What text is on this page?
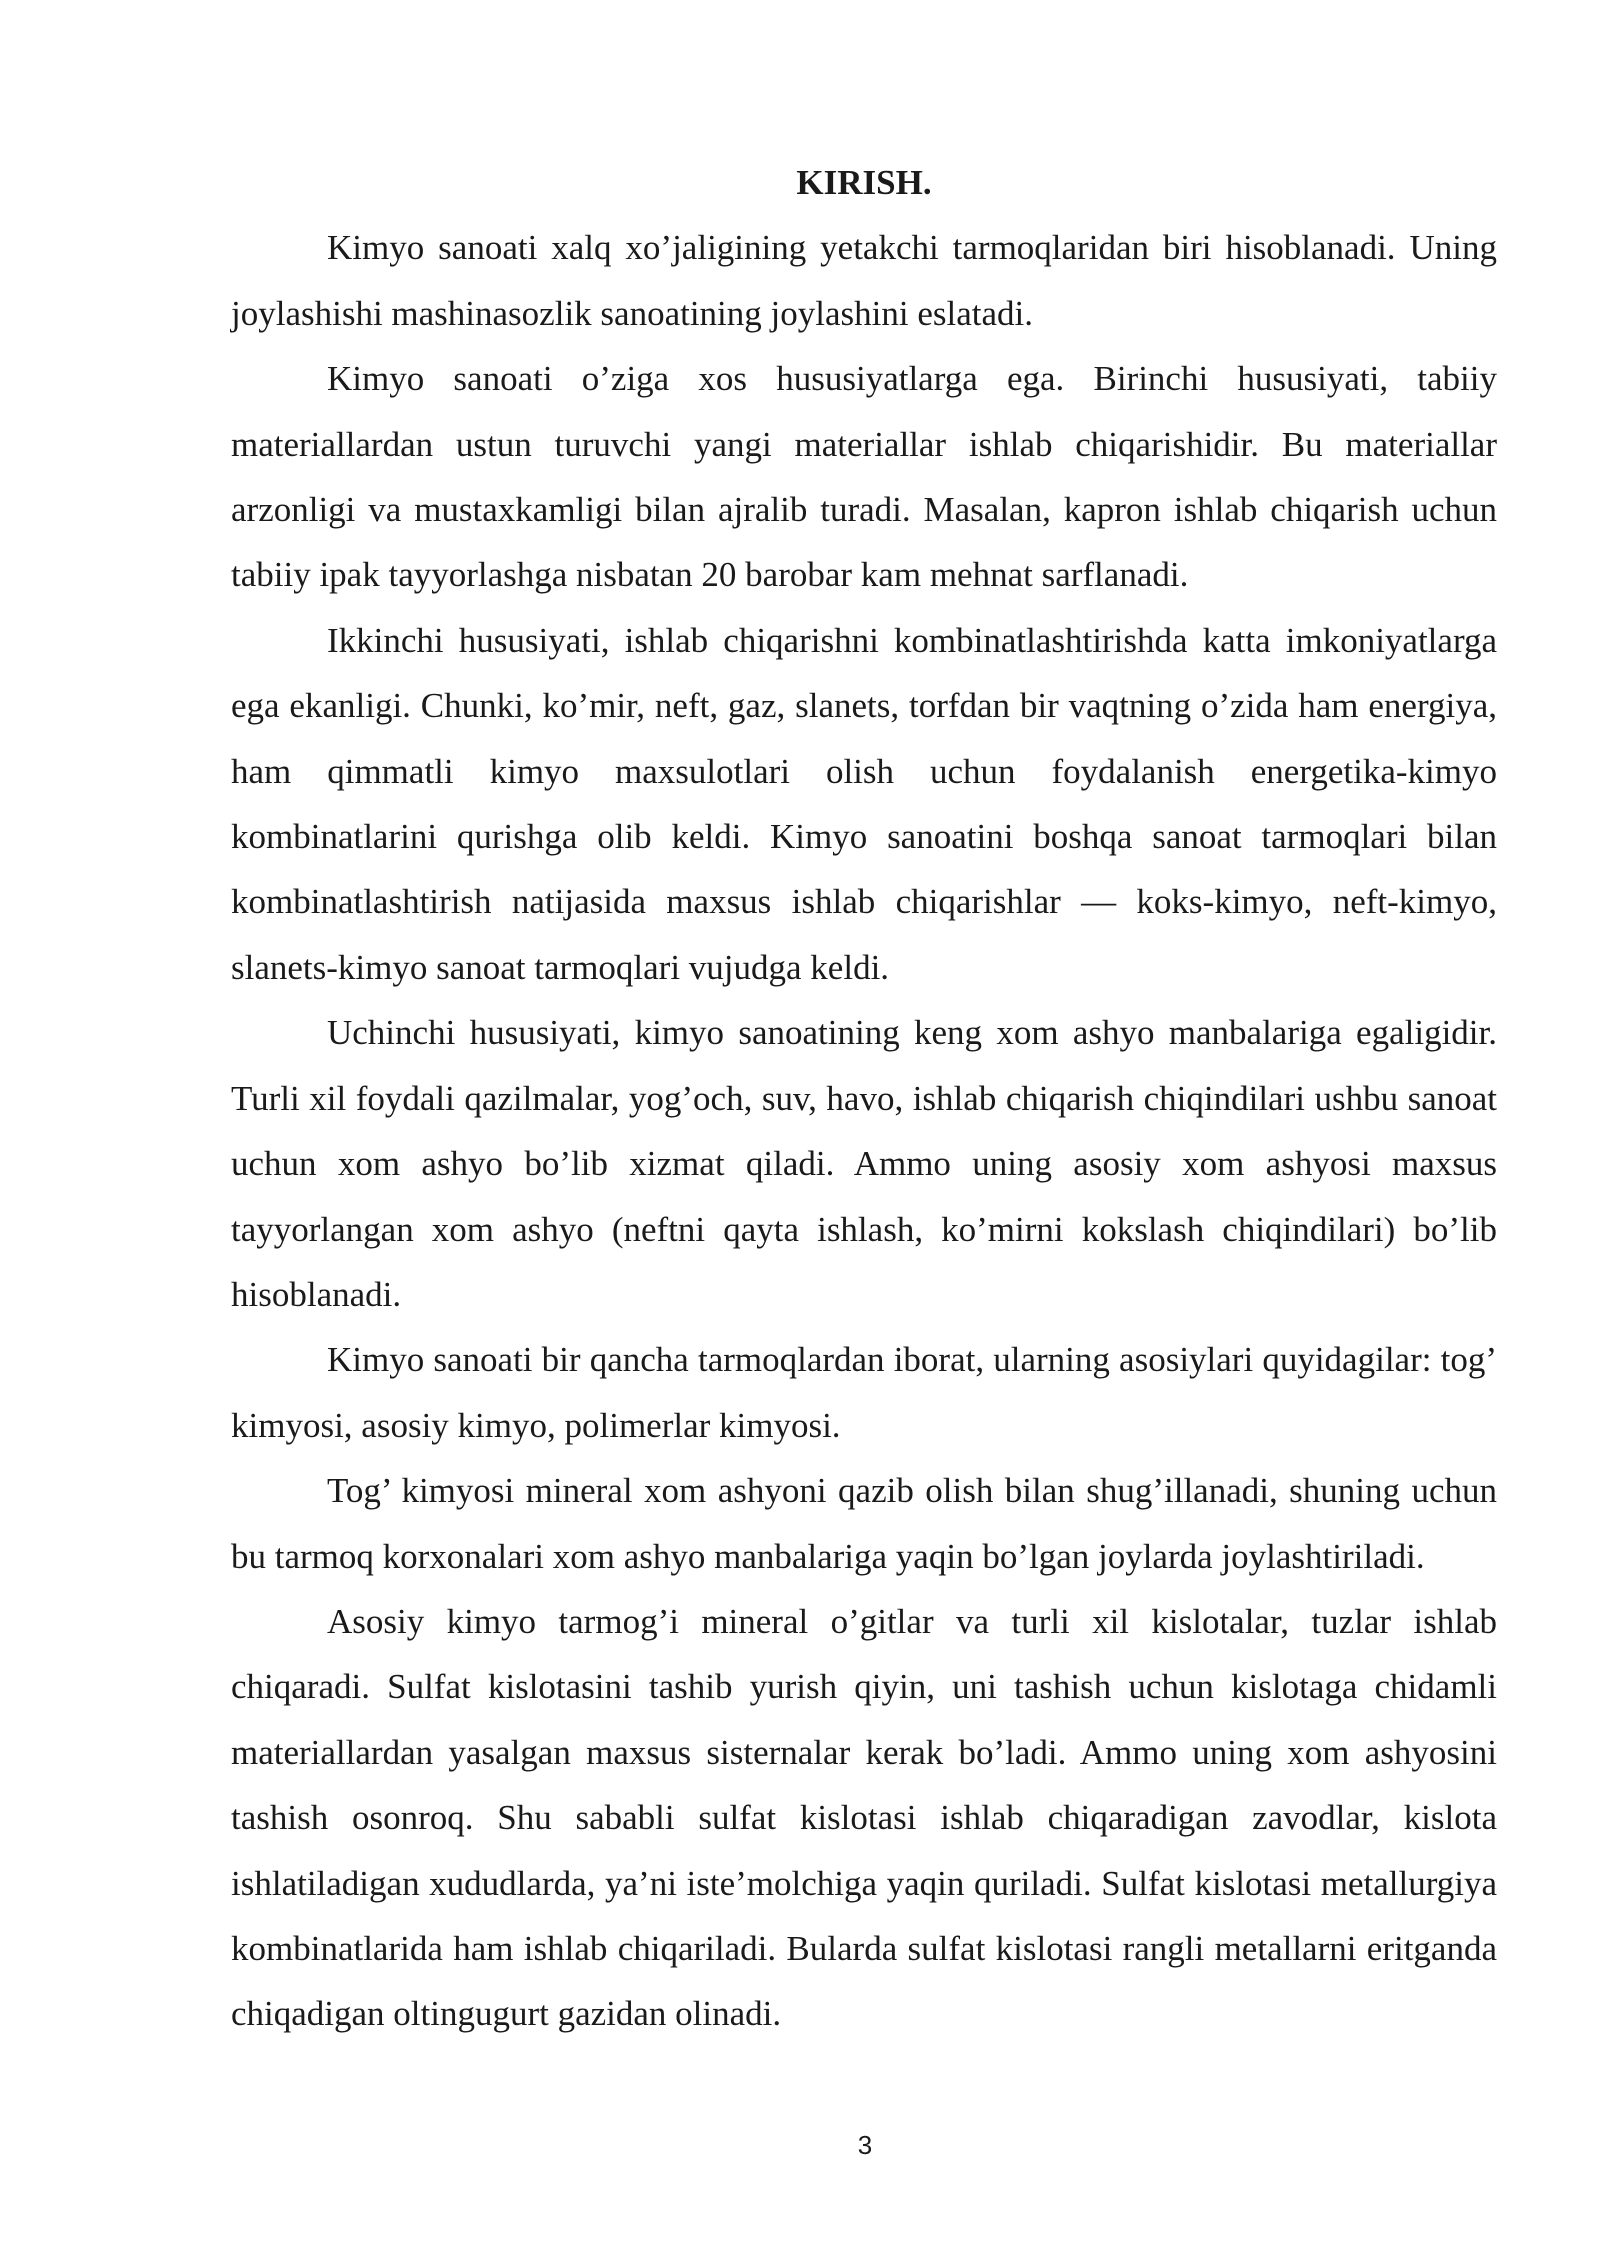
KIRISH.

Kimyo sanoati xalq xo’jaligining yetakchi tarmoqlaridan biri hisoblanadi. Uning joylashishi mashinasozlik sanoatining joylashini eslatadi.

Kimyo sanoati o’ziga xos hususiyatlarga ega. Birinchi hususiyati, tabiiy materiallardan ustun turuvchi yangi materiallar ishlab chiqarishidir. Bu materiallar arzonligi va mustaxkamligi bilan ajralib turadi. Masalan, kapron ishlab chiqarish uchun tabiiy ipak tayyorlashga nisbatan 20 barobar kam mehnat sarflanadi.

Ikkinchi hususiyati, ishlab chiqarishni kombinatlashtirishda katta imkoniyatlarga ega ekanligi. Chunki, ko’mir, neft, gaz, slanets, torfdan bir vaqtning o’zida ham energiya, ham qimmatli kimyo maxsulotlari olish uchun foydalanish energetika-kimyo kombinatlarini qurishga olib keldi. Kimyo sanoatini boshqa sanoat tarmoqlari bilan kombinatlashtirish natijasida maxsus ishlab chiqarishlar — koks-kimyo, neft-kimyo, slanets-kimyo sanoat tarmoqlari vujudga keldi.

Uchinchi hususiyati, kimyo sanoatining keng xom ashyo manbalariga egaligidir. Turli xil foydali qazilmalar, yog’och, suv, havo, ishlab chiqarish chiqindilari ushbu sanoat uchun xom ashyo bo’lib xizmat qiladi. Ammo uning asosiy xom ashyosi maxsus tayyorlangan xom ashyo (neftni qayta ishlash, ko’mirni kokslash chiqindilari) bo’lib hisoblanadi.

Kimyo sanoati bir qancha tarmoqlardan iborat, ularning asosiylari quyidagilar: tog’ kimyosi, asosiy kimyo, polimerlar kimyosi.

Tog’ kimyosi mineral xom ashyoni qazib olish bilan shug’illanadi, shuning uchun bu tarmoq korxonalari xom ashyo manbalariga yaqin bo’lgan joylarda joylashtiriladi.

Asosiy kimyo tarmog’i mineral o’gitlar va turli xil kislotalar, tuzlar ishlab chiqaradi. Sulfat kislotasini tashib yurish qiyin, uni tashish uchun kislotaga chidamli materiallardan yasalgan maxsus sisternalar kerak bo’ladi. Ammo uning xom ashyosini tashish osonroq. Shu sababli sulfat kislotasi ishlab chiqaradigan zavodlar, kislota ishlatiladigan xududlarda, ya’ni iste’molchiga yaqin quriladi. Sulfat kislotasi metallurgiya kombinatlarida ham ishlab chiqariladi. Bularda sulfat kislotasi rangli metallarni eritganda chiqadigan oltingugurt gazidan olinadi.

3
